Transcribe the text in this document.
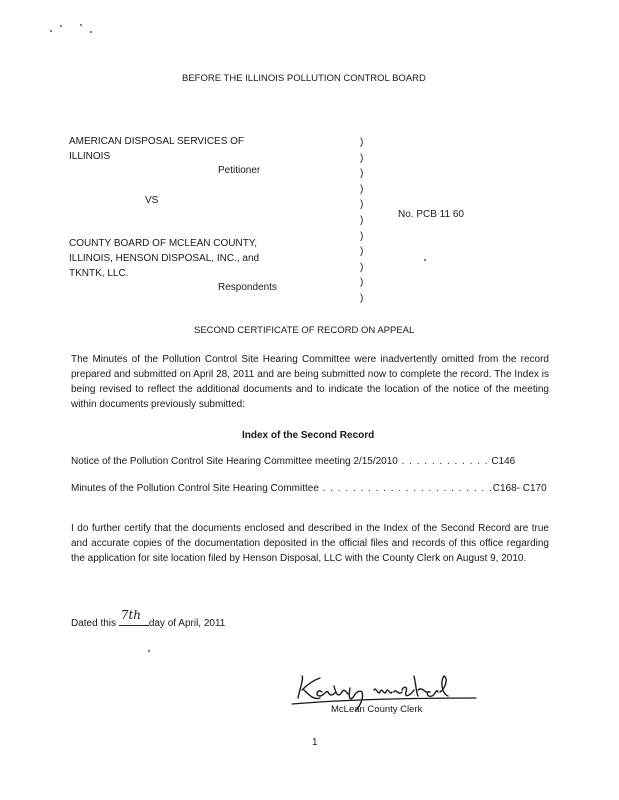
BEFORE THE ILLINOIS POLLUTION CONTROL BOARD
AMERICAN DISPOSAL SERVICES OF
ILLINOIS
Petitioner
VS
No. PCB 11 60
COUNTY BOARD OF MCLEAN COUNTY,
ILLINOIS, HENSON DISPOSAL, INC., and
TKNTK, LLC.
Respondents
)
)
)
)
)
)
)
)
)
)
)
SECOND CERTIFICATE OF RECORD ON APPEAL
The Minutes of the Pollution Control Site Hearing Committee were inadvertently omitted from the record prepared and submitted on April 28, 2011 and are being submitted now to complete the record. The Index is being revised to reflect the additional documents and to indicate the location of the notice of the meeting within documents previously submitted:
Index of the Second Record
Notice of the Pollution Control Site Hearing Committee meeting 2/15/2010 . . . . . . . . . . . . C146
Minutes of the Pollution Control Site Hearing Committee . . . . . . . . . . . . . . . . . . . . . . .C168- C170
I do further certify that the documents enclosed and described in the Index of the Second Record are true and accurate copies of the documentation deposited in the official files and records of this office regarding the application for site location filed by Henson Disposal, LLC with the County Clerk on August 9, 2010.
Dated this
7th
day of April, 2011
McLean County Clerk
1
